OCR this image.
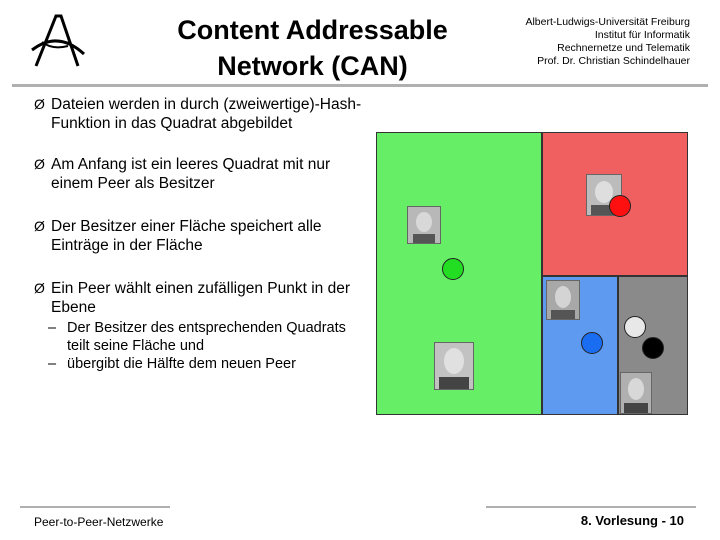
Content Addressable
Network (CAN)
Albert-Ludwigs-Universität Freiburg
Institut für Informatik
Rechnernetze und Telematik
Prof. Dr. Christian Schindelhauer
Ø Dateien werden in durch (zweiwertige)-Hash-Funktion in das Quadrat abgebildet
Ø Am Anfang ist ein leeres Quadrat mit nur einem Peer als Besitzer
Ø Der Besitzer einer Fläche speichert alle Einträge in der Fläche
Ø Ein Peer wählt einen zufälligen Punkt in der Ebene
– Der Besitzer des entsprechenden Quadrats teilt seine Fläche und
– übergibt die Hälfte dem neuen Peer
Peer-to-Peer-Netzwerke	8. Vorlesung - 10
